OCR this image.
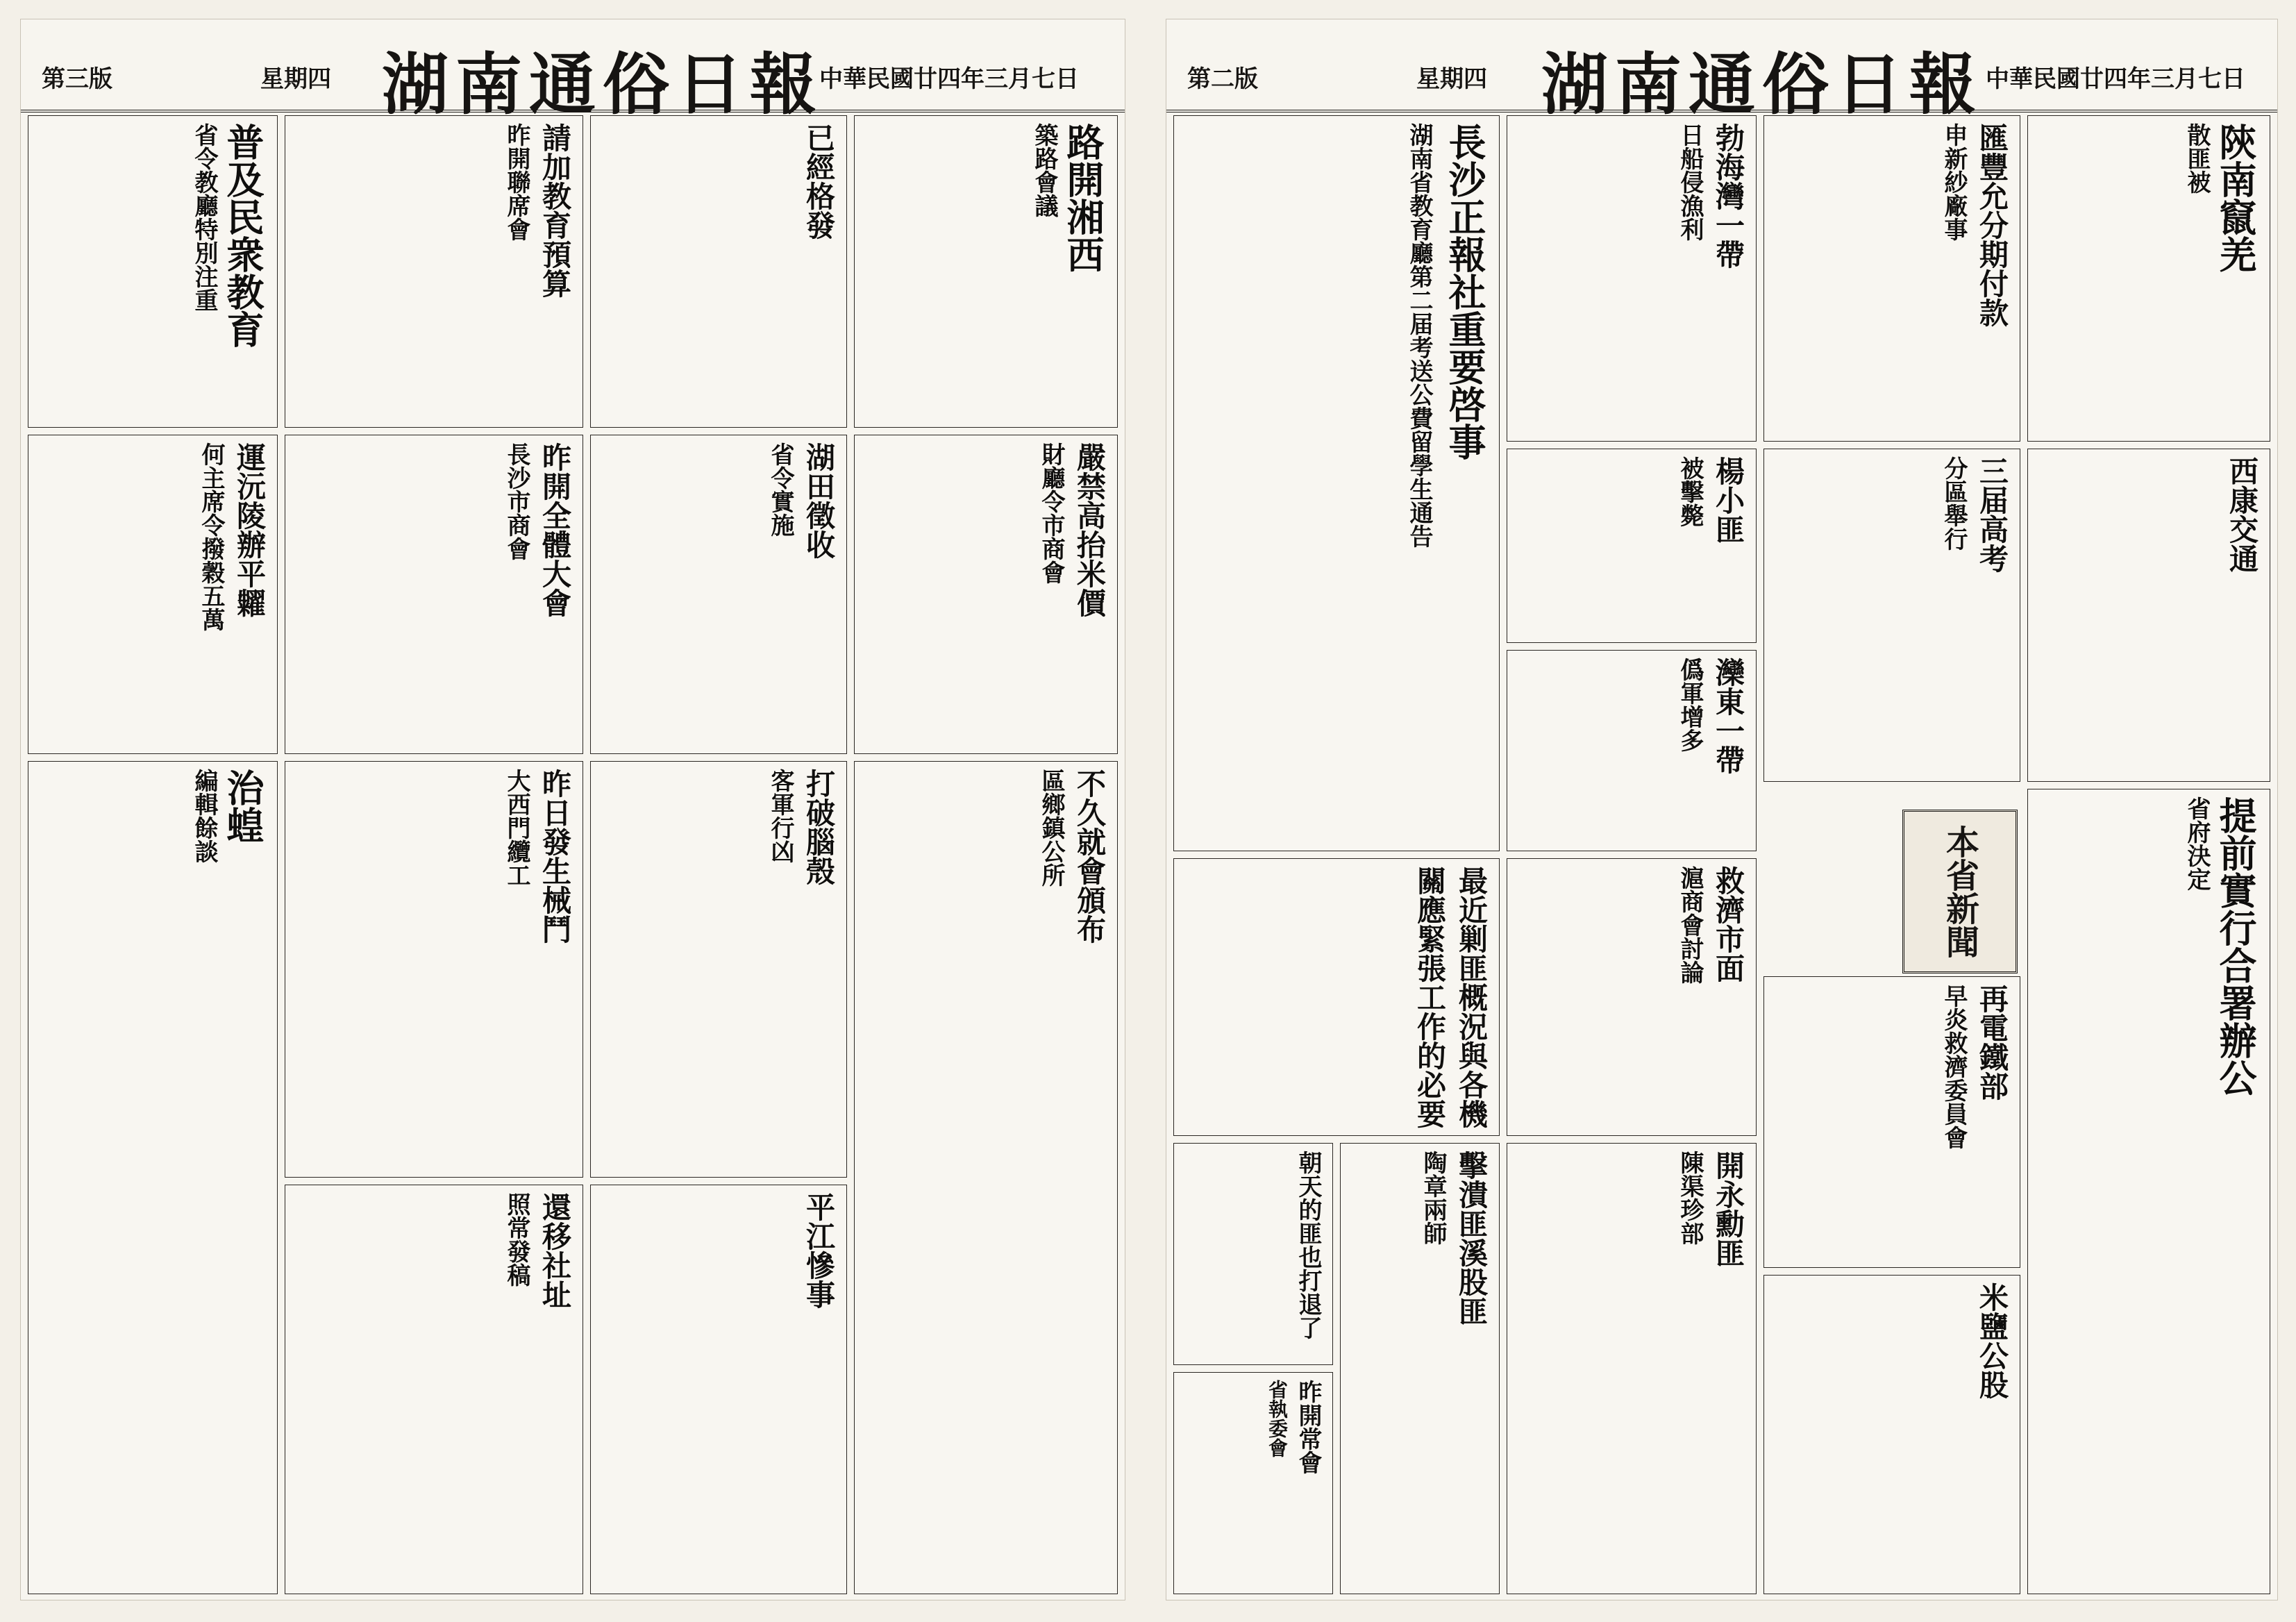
中華民國廿四年三月七日
湖南通俗日報
星期四
第三版
路開湘西
築路會議
已經格發
請加教育預算
昨開聯席會
普及民衆教育
省令教廳特別注重
嚴禁高抬米價
財廳令市商會
湖田徵收
省令實施
昨開全體大會
長沙市商會
運沅陵辦平糶
何主席令撥穀五萬
不久就會頒布
區鄉鎮公所
打破腦殼
客軍行凶
平江慘事
昨日發生械鬥
大西門纜工
還移社址
照常發稿
治蝗
編輯餘談
中華民國廿四年三月七日
湖南通俗日報
星期四
第二版
陝南竄羌
散匪被
匯豐允分期付款
申新紗廠事
勃海灣一帶
日船侵漁利
長沙正報社重要啓事
湖南省教育廳第二届考送公費留學生通告	西康交通
三届高考
分區舉行
楊小匪
被擊斃
灤東一帶
僞軍增多
提前實行合署辦公
省府決定
本省新聞
再電鐵部
早炎救濟委員會
救濟市面
滬商會討論
最近剿匪概況與各機關應緊張工作的必要
米鹽公股
開永勳匪
陳渠珍部
擊潰匪溪股匪
陶章兩師
朝天的匪也打退了
昨開常會
省執委會
